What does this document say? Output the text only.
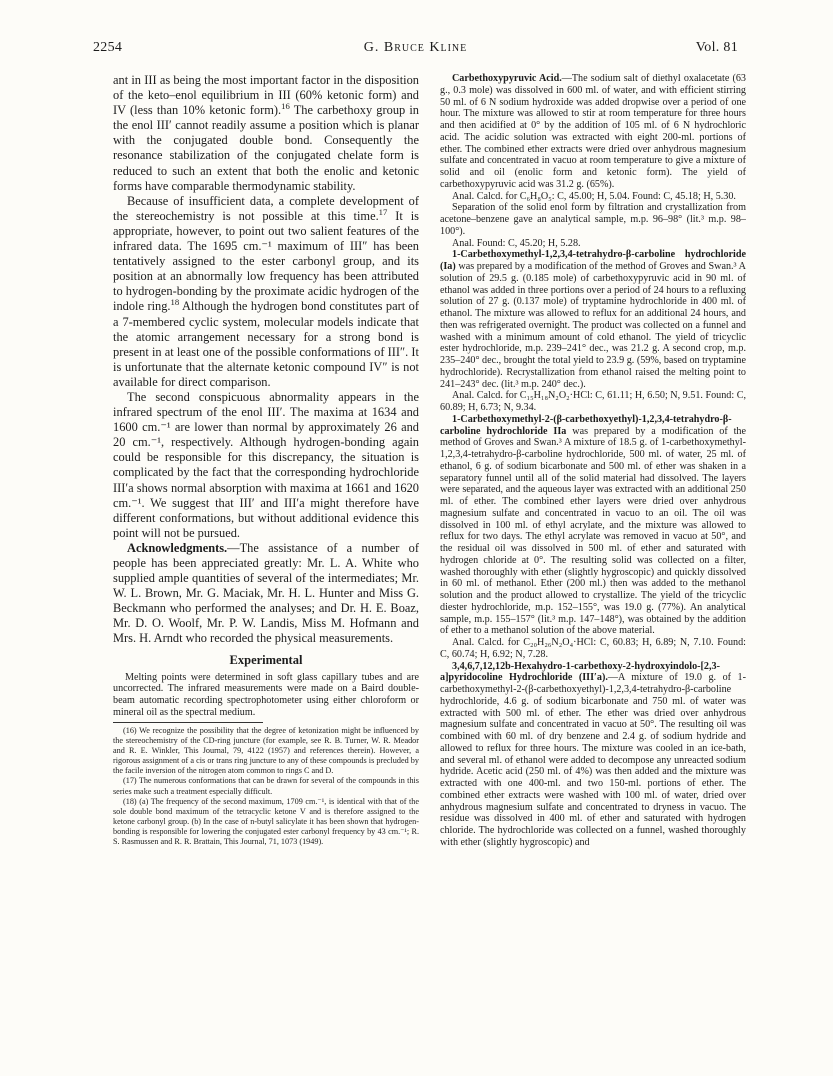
2254	G. Bruce Kline	Vol. 81

ant in III as being the most important factor in the disposition of the keto–enol equilibrium in III (60% ketonic form) and IV (less than 10% ketonic form).$^{16}$ The carbethoxy group in the enol III′ cannot readily assume a position which is planar with the conjugated double bond. Consequently the resonance stabilization of the conjugated chelate form is reduced to such an extent that both the enolic and ketonic forms have comparable thermodynamic stability.

Because of insufficient data, a complete development of the stereochemistry is not possible at this time.$^{17}$ It is appropriate, however, to point out two salient features of the infrared data. The 1695 cm.⁻¹ maximum of III″ has been tentatively assigned to the ester carbonyl group, and its position at an abnormally low frequency has been attributed to hydrogen-bonding by the proximate acidic hydrogen of the indole ring.$^{18}$ Although the hydrogen bond constitutes part of a 7-membered cyclic system, molecular models indicate that the atomic arrangement necessary for a strong bond is present in at least one of the possible conformations of III″. It is unfortunate that the alternate ketonic compound IV″ is not available for direct comparison.

The second conspicuous abnormality appears in the infrared spectrum of the enol III′. The maxima at 1634 and 1600 cm.⁻¹ are lower than normal by approximately 26 and 20 cm.⁻¹, respectively. Although hydrogen-bonding again could be responsible for this discrepancy, the situation is complicated by the fact that the corresponding hydrochloride III′a shows normal absorption with maxima at 1661 and 1620 cm.⁻¹. We suggest that III′ and III′a might therefore have different conformations, but without additional evidence this point will not be pursued.

Acknowledgments.—The assistance of a number of people has been appreciated greatly: Mr. L. A. White who supplied ample quantities of several of the intermediates; Mr. W. L. Brown, Mr. G. Maciak, Mr. H. L. Hunter and Miss G. Beckmann who performed the analyses; and Dr. H. E. Boaz, Mr. D. O. Woolf, Mr. P. W. Landis, Miss M. Hofmann and Mrs. H. Arndt who recorded the physical measurements.

Experimental

Melting points were determined in soft glass capillary tubes and are uncorrected. The infrared measurements were made on a Baird double-beam automatic recording spectrophotometer using either chloroform or mineral oil as the spectral medium.

(16) We recognize the possibility that the degree of ketonization might be influenced by the stereochemistry of the CD-ring juncture (for example, see R. B. Turner, W. R. Meador and R. E. Winkler, This Journal, 79, 4122 (1957) and references therein). However, a rigorous assignment of a cis or trans ring juncture to any of these compounds is precluded by the facile inversion of the nitrogen atom common to rings C and D.

(17) The numerous conformations that can be drawn for several of the compounds in this series make such a treatment especially difficult.

(18) (a) The frequency of the second maximum, 1709 cm.⁻¹, is identical with that of the sole double bond maximum of the tetracyclic ketone V and is therefore assigned to the ketone carbonyl group. (b) In the case of n-butyl salicylate it has been shown that hydrogen-bonding is responsible for lowering the conjugated ester carbonyl frequency by 43 cm.⁻¹; R. S. Rasmussen and R. R. Brattain, This Journal, 71, 1073 (1949).

Carbethoxypyruvic Acid.—The sodium salt of diethyl oxalacetate (63 g., 0.3 mole) was dissolved in 600 ml. of water, and with efficient stirring 50 ml. of 6 N sodium hydroxide was added dropwise over a period of one hour. The mixture was allowed to stir at room temperature for three hours and then acidified at 0° by the addition of 105 ml. of 6 N hydrochloric acid. The acidic solution was extracted with eight 200-ml. portions of ether. The combined ether extracts were dried over anhydrous magnesium sulfate and concentrated in vacuo at room temperature to give a mixture of solid and oil (enolic form and ketonic form). The yield of carbethoxypyruvic acid was 31.2 g. (65%).

Anal. Calcd. for C₆H₈O₅: C, 45.00; H, 5.04. Found: C, 45.18; H, 5.30.

Separation of the solid enol form by filtration and crystallization from acetone–benzene gave an analytical sample, m.p. 96–98° (lit.³ m.p. 98–100°).

Anal. Found: C, 45.20; H, 5.28.

1-Carbethoxymethyl-1,2,3,4-tetrahydro-β-carboline hydrochloride (Ia) was prepared by a modification of the method of Groves and Swan.³ A solution of 29.5 g. (0.185 mole) of carbethoxypyruvic acid in 90 ml. of ethanol was added in three portions over a period of 24 hours to a refluxing solution of 27 g. (0.137 mole) of tryptamine hydrochloride in 400 ml. of ethanol. The mixture was allowed to reflux for an additional 24 hours, and then was refrigerated overnight. The product was collected on a funnel and washed with a minimum amount of cold ethanol. The yield of tricyclic ester hydrochloride, m.p. 239–241° dec., was 21.2 g. A second crop, m.p. 235–240° dec., brought the total yield to 23.9 g. (59%, based on tryptamine hydrochloride). Recrystallization from ethanol raised the melting point to 241–243° dec. (lit.³ m.p. 240° dec.).

Anal. Calcd. for C₁₅H₁₈N₂O₂·HCl: C, 61.11; H, 6.50; N, 9.51. Found: C, 60.89; H, 6.73; N, 9.34.

1-Carbethoxymethyl-2-(β-carbethoxyethyl)-1,2,3,4-tetrahydro-β-carboline hydrochloride IIa was prepared by a modification of the method of Groves and Swan.³ A mixture of 18.5 g. of 1-carbethoxymethyl-1,2,3,4-tetrahydro-β-carboline hydrochloride, 500 ml. of water, 25 ml. of ethanol, 6 g. of sodium bicarbonate and 500 ml. of ether was shaken in a separatory funnel until all of the solid material had dissolved. The layers were separated, and the aqueous layer was extracted with an additional 250 ml. of ether. The combined ether layers were dried over anhydrous magnesium sulfate and concentrated in vacuo to an oil. The oil was dissolved in 100 ml. of ethyl acrylate, and the mixture was allowed to reflux for two days. The ethyl acrylate was removed in vacuo at 50°, and the residual oil was dissolved in 500 ml. of ether and saturated with hydrogen chloride at 0°. The resulting solid was collected on a filter, washed thoroughly with ether (slightly hygroscopic) and quickly dissolved in 60 ml. of methanol. Ether (200 ml.) then was added to the methanol solution and the product allowed to crystallize. The yield of the tricyclic diester hydrochloride, m.p. 152–155°, was 19.0 g. (77%). An analytical sample, m.p. 155–157° (lit.³ m.p. 147–148°), was obtained by the addition of ether to a methanol solution of the above material.

Anal. Calcd. for C₂₀H₂₆N₂O₄·HCl: C, 60.83; H, 6.89; N, 7.10. Found: C, 60.74; H, 6.92; N, 7.28.

3,4,6,7,12,12b-Hexahydro-1-carbethoxy-2-hydroxyindolo-[2,3-a]pyridocoline Hydrochloride (III′a).—A mixture of 19.0 g. of 1-carbethoxymethyl-2-(β-carbethoxyethyl)-1,2,3,4-tetrahydro-β-carboline hydrochloride, 4.6 g. of sodium bicarbonate and 750 ml. of water was extracted with 500 ml. of ether. The ether was dried over anhydrous magnesium sulfate and concentrated in vacuo at 50°. The resulting oil was combined with 60 ml. of dry benzene and 2.4 g. of sodium hydride and allowed to reflux for three hours. The mixture was cooled in an ice-bath, and several ml. of ethanol were added to decompose any unreacted sodium hydride. Acetic acid (250 ml. of 4%) was then added and the mixture was extracted with one 400-ml. and two 150-ml. portions of ether. The combined ether extracts were washed with 100 ml. of water, dried over anhydrous magnesium sulfate and concentrated to dryness in vacuo. The residue was dissolved in 400 ml. of ether and saturated with hydrogen chloride. The hydrochloride was collected on a funnel, washed thoroughly with ether (slightly hygroscopic) and
